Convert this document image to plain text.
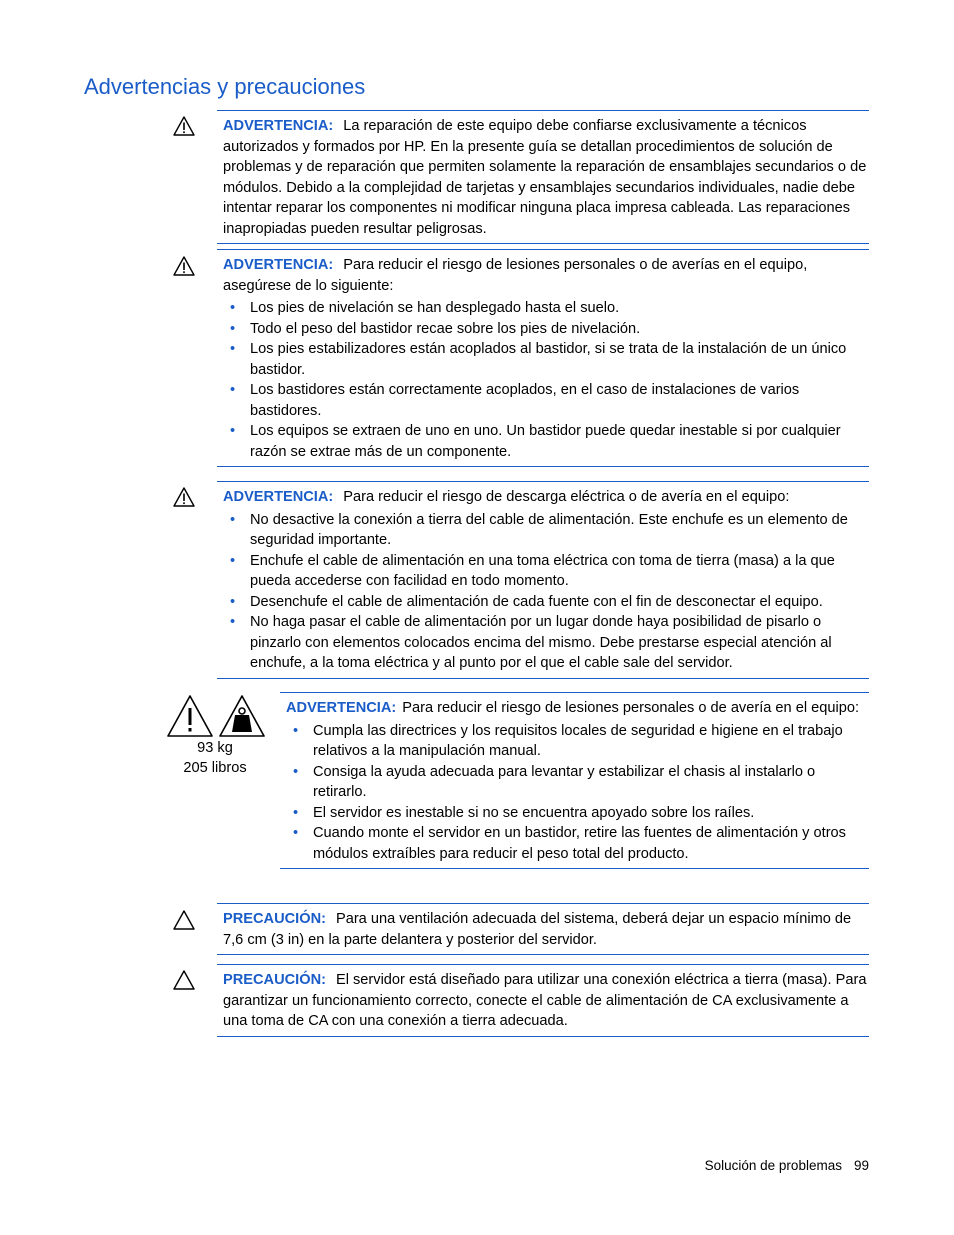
Advertencias y precauciones
ADVERTENCIA: La reparación de este equipo debe confiarse exclusivamente a técnicos autorizados y formados por HP. En la presente guía se detallan procedimientos de solución de problemas y de reparación que permiten solamente la reparación de ensamblajes secundarios o de módulos. Debido a la complejidad de tarjetas y ensamblajes secundarios individuales, nadie debe intentar reparar los componentes ni modificar ninguna placa impresa cableada. Las reparaciones inapropiadas pueden resultar peligrosas.
ADVERTENCIA: Para reducir el riesgo de lesiones personales o de averías en el equipo, asegúrese de lo siguiente:
• Los pies de nivelación se han desplegado hasta el suelo.
• Todo el peso del bastidor recae sobre los pies de nivelación.
• Los pies estabilizadores están acoplados al bastidor, si se trata de la instalación de un único bastidor.
• Los bastidores están correctamente acoplados, en el caso de instalaciones de varios bastidores.
• Los equipos se extraen de uno en uno. Un bastidor puede quedar inestable si por cualquier razón se extrae más de un componente.
ADVERTENCIA: Para reducir el riesgo de descarga eléctrica o de avería en el equipo:
• No desactive la conexión a tierra del cable de alimentación. Este enchufe es un elemento de seguridad importante.
• Enchufe el cable de alimentación en una toma eléctrica con toma de tierra (masa) a la que pueda accederse con facilidad en todo momento.
• Desenchufe el cable de alimentación de cada fuente con el fin de desconectar el equipo.
• No haga pasar el cable de alimentación por un lugar donde haya posibilidad de pisarlo o pinzarlo con elementos colocados encima del mismo. Debe prestarse especial atención al enchufe, a la toma eléctrica y al punto por el que el cable sale del servidor.
93 kg
205 libros
ADVERTENCIA: Para reducir el riesgo de lesiones personales o de avería en el equipo:
• Cumpla las directrices y los requisitos locales de seguridad e higiene en el trabajo relativos a la manipulación manual.
• Consiga la ayuda adecuada para levantar y estabilizar el chasis al instalarlo o retirarlo.
• El servidor es inestable si no se encuentra apoyado sobre los raíles.
• Cuando monte el servidor en un bastidor, retire las fuentes de alimentación y otros módulos extraíbles para reducir el peso total del producto.
PRECAUCIÓN: Para una ventilación adecuada del sistema, deberá dejar un espacio mínimo de 7,6 cm (3 in) en la parte delantera y posterior del servidor.
PRECAUCIÓN: El servidor está diseñado para utilizar una conexión eléctrica a tierra (masa). Para garantizar un funcionamiento correcto, conecte el cable de alimentación de CA exclusivamente a una toma de CA con una conexión a tierra adecuada.
Solución de problemas 99
